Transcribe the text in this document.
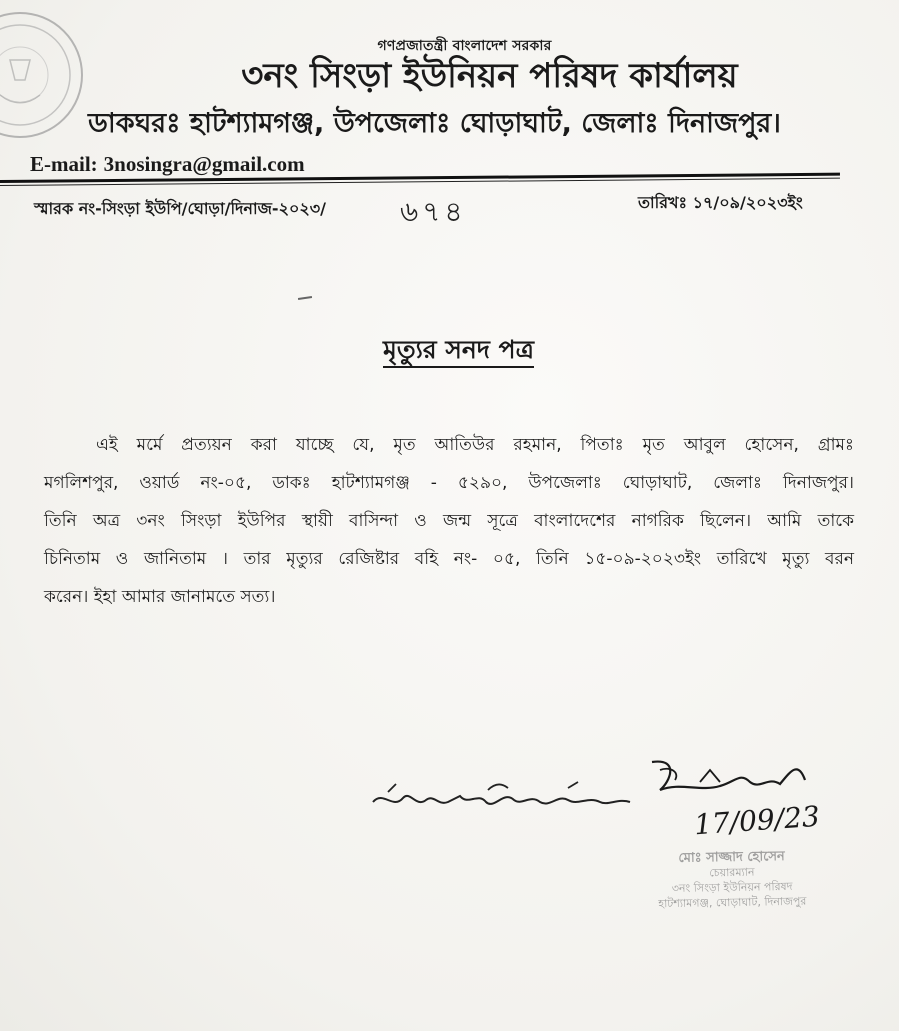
গণপ্রজাতন্ত্রী বাংলাদেশ সরকার
৩নং সিংড়া ইউনিয়ন পরিষদ কার্যালয়
ডাকঘরঃ হাটশ্যামগঞ্জ, উপজেলাঃ ঘোড়াঘাট, জেলাঃ দিনাজপুর।
E-mail: 3nosingra@gmail.com
স্মারক নং-সিংড়া ইউপি/ঘোড়া/দিনাজ-২০২৩/	৬৭৪	তারিখঃ ১৭/০৯/২০২৩ইং
মৃত্যুর সনদ পত্র
এই মর্মে প্রত্যয়ন করা যাচ্ছে যে, মৃত আতিউর রহমান, পিতাঃ মৃত আবুল হোসেন, গ্রামঃ
মগলিশপুর, ওয়ার্ড নং-০৫, ডাকঃ হাটশ্যামগঞ্জ - ৫২৯০, উপজেলাঃ ঘোড়াঘাট, জেলাঃ দিনাজপুর।
তিনি অত্র ৩নং সিংড়া ইউপির স্থায়ী বাসিন্দা ও জন্ম সূত্রে বাংলাদেশের নাগরিক ছিলেন। আমি তাকে
চিনিতাম ও জানিতাম । তার মৃত্যুর রেজিষ্টার বহি নং- ০৫, তিনি ১৫-০৯-২০২৩ইং তারিখে মৃত্যু বরন
করেন। ইহা আমার জানামতে সত্য।
17/09/23
মোঃ সাজ্জাদ হোসেন
চেয়ারম্যান
৩নং সিংড়া ইউনিয়ন পরিষদ
হাটশ্যামগঞ্জ, ঘোড়াঘাট, দিনাজপুর
